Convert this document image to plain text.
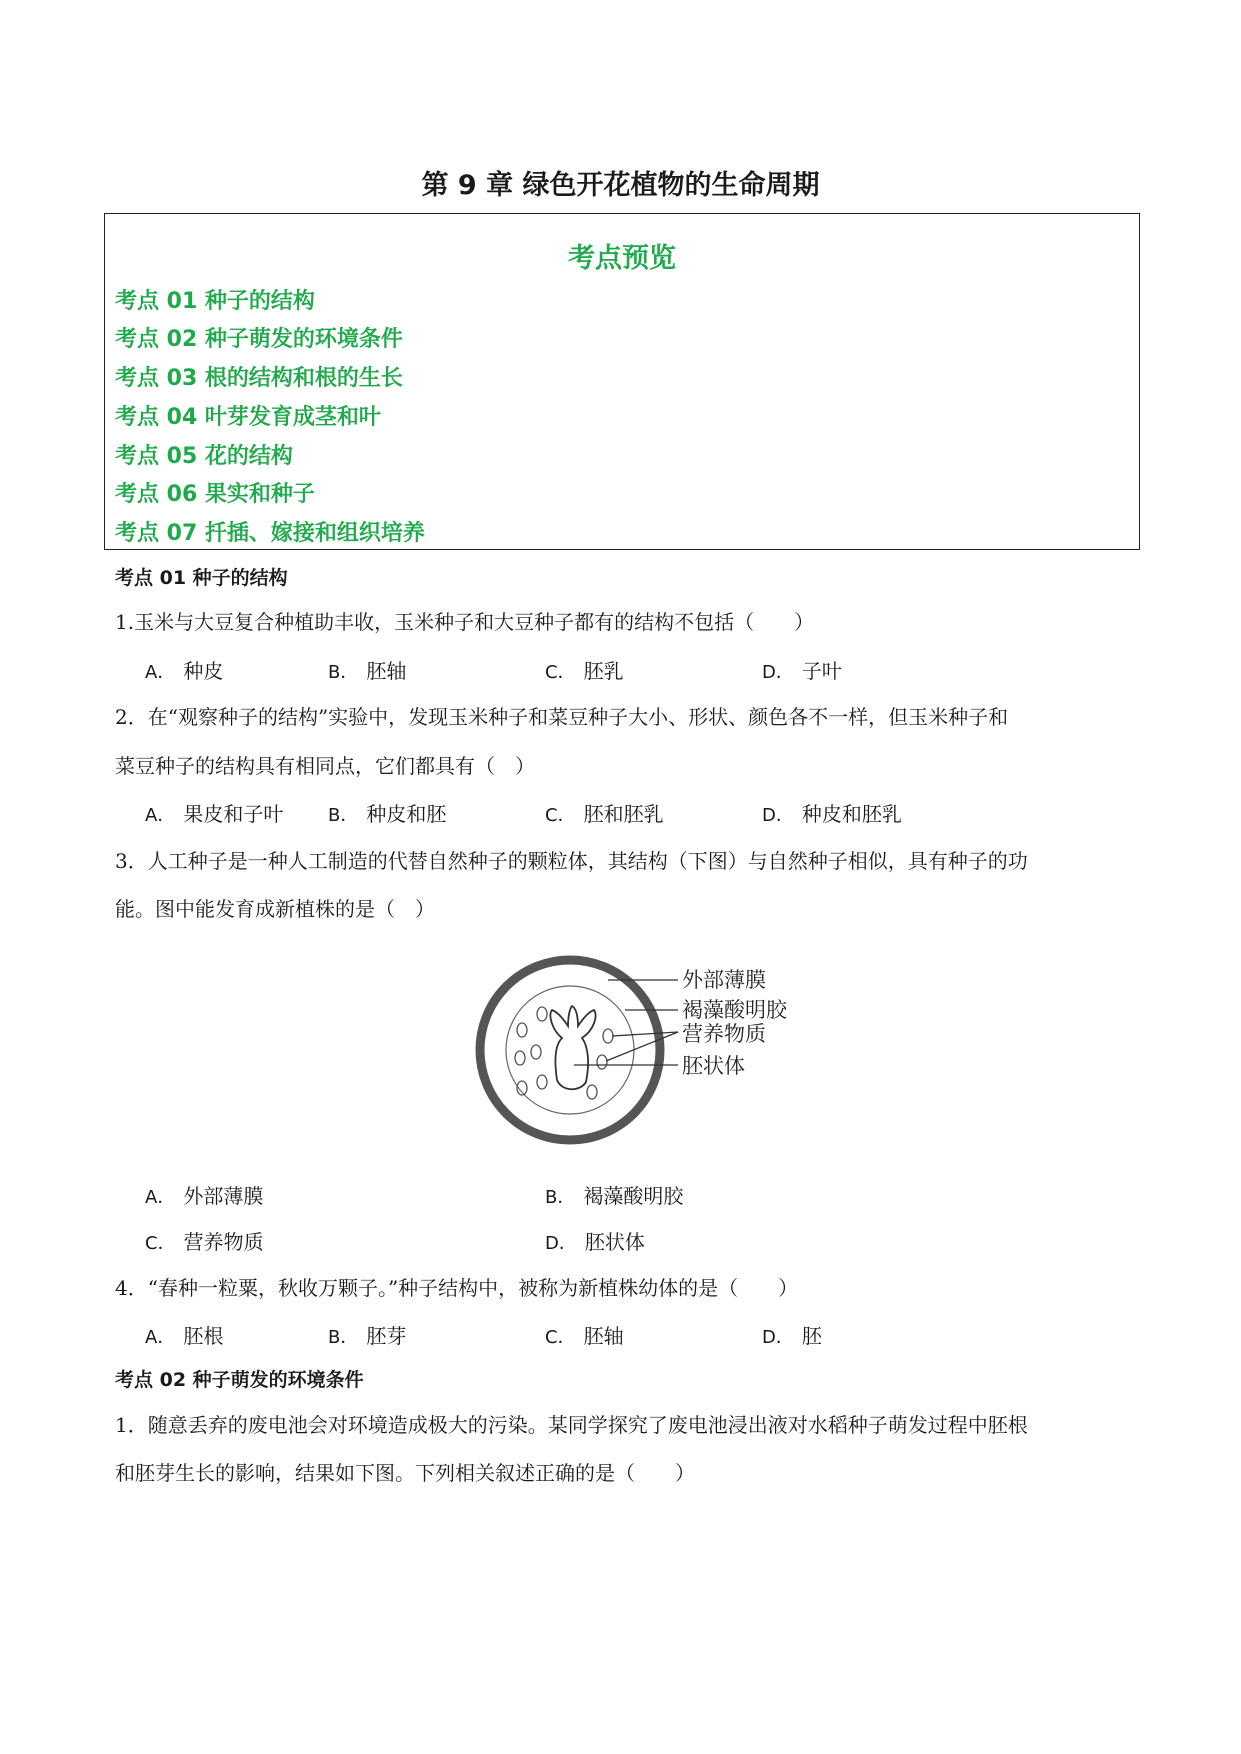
第 9 章 绿色开花植物的生命周期
考点预览
考点 01 种子的结构
考点 02 种子萌发的环境条件
考点 03 根的结构和根的生长
考点 04 叶芽发育成茎和叶
考点 05 花的结构
考点 06 果实和种子
考点 07 扦插、嫁接和组织培养
考点 01 种子的结构
1.玉米与大豆复合种植助丰收，玉米种子和大豆种子都有的结构不包括（　　）
A． 种皮	B． 胚轴	C． 胚乳	D． 子叶
2．在“观察种子的结构”实验中，发现玉米种子和菜豆种子大小、形状、颜色各不一样，但玉米种子和
菜豆种子的结构具有相同点，它们都具有（　）
A． 果皮和子叶 B． 种皮和胚	C． 胚和胚乳	D． 种皮和胚乳
3．人工种子是一种人工制造的代替自然种子的颗粒体，其结构（下图）与自然种子相似，具有种子的功
能。图中能发育成新植株的是（　）
外部薄膜
褐藻酸明胶
营养物质
胚状体
A． 外部薄膜	B． 褐藻酸明胶
C． 营养物质	D． 胚状体
4．“春种一粒粟，秋收万颗子。”种子结构中，被称为新植株幼体的是（　　）
A． 胚根	B． 胚芽	C． 胚轴	D． 胚
考点 02 种子萌发的环境条件
1．随意丢弃的废电池会对环境造成极大的污染。某同学探究了废电池浸出液对水稻种子萌发过程中胚根
和胚芽生长的影响，结果如下图。下列相关叙述正确的是（　　）
